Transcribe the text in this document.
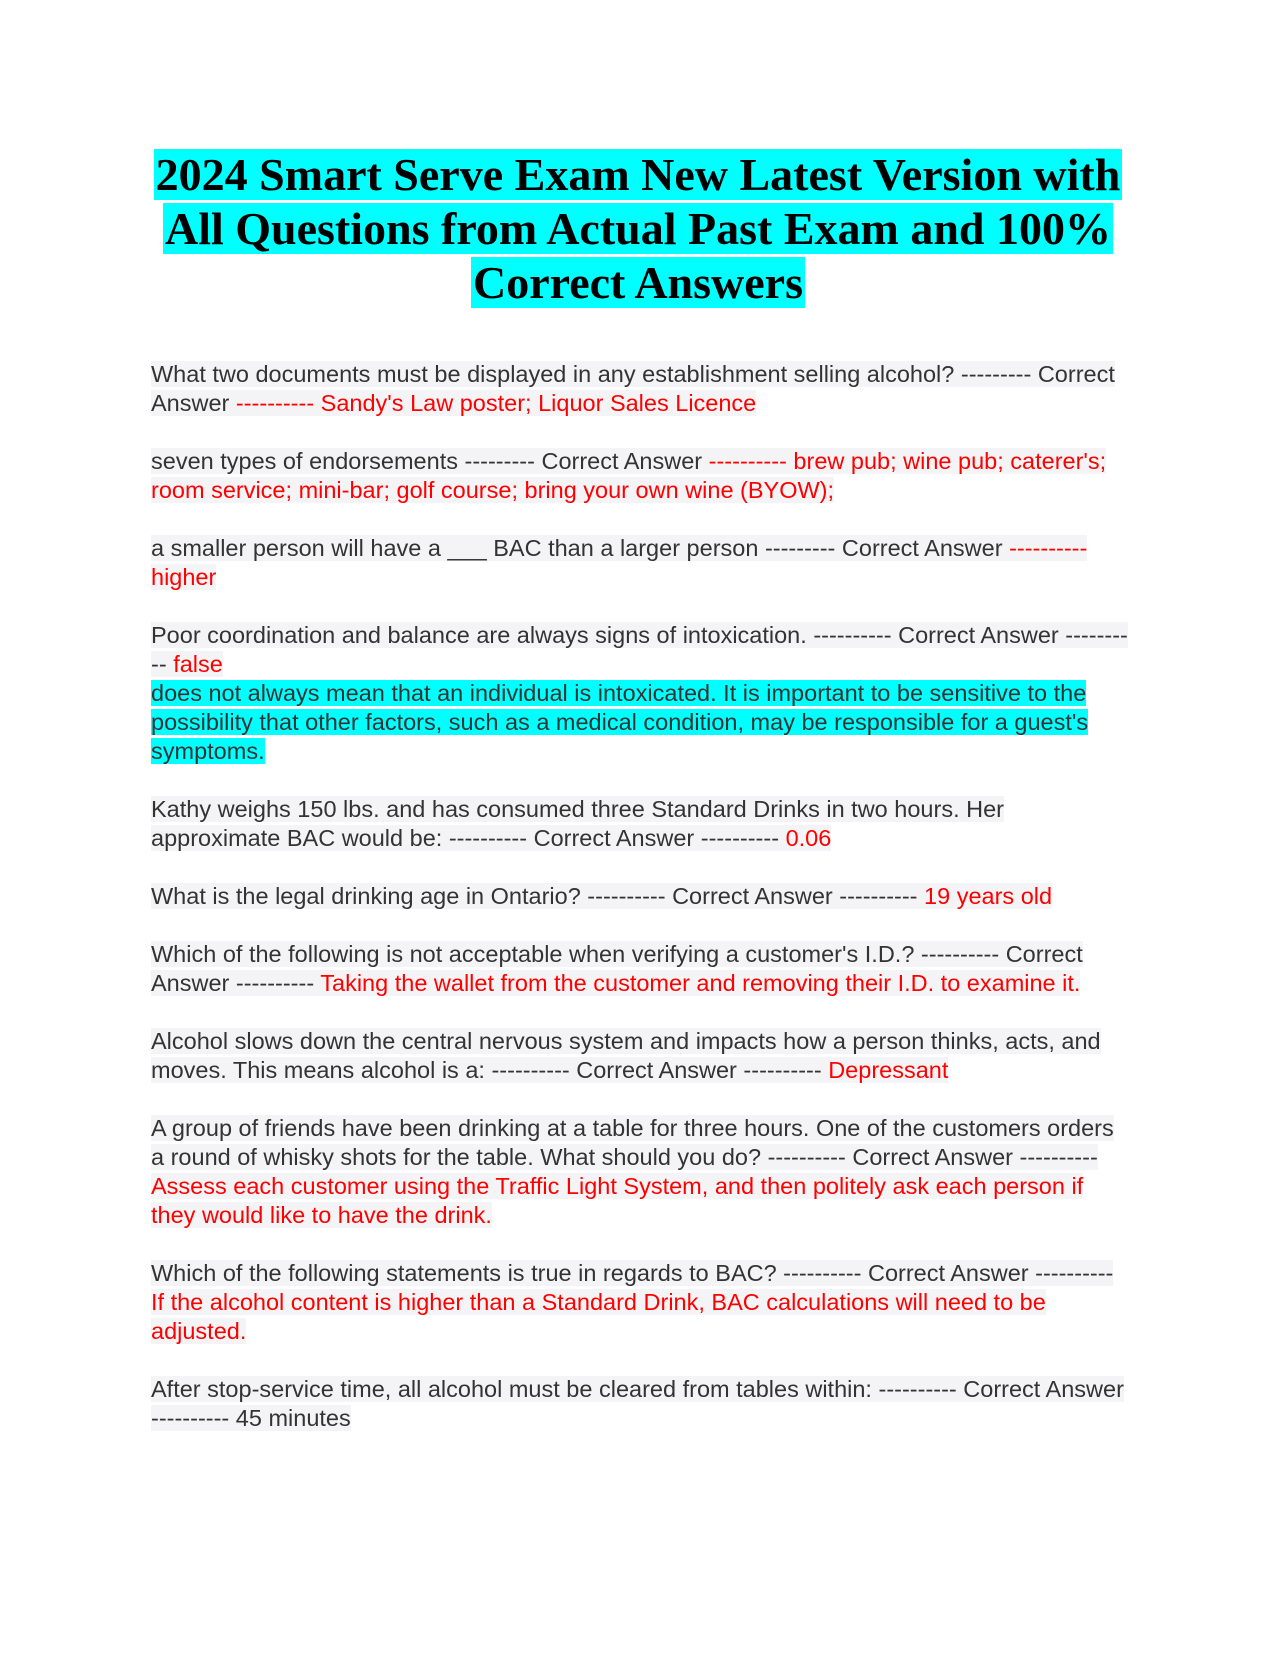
2024 Smart Serve Exam New Latest Version with All Questions from Actual Past Exam and 100% Correct Answers
What two documents must be displayed in any establishment selling alcohol? --------- Correct Answer ---------- Sandy's Law poster; Liquor Sales Licence
seven types of endorsements --------- Correct Answer ---------- brew pub; wine pub; caterer's; room service; mini-bar; golf course; bring your own wine (BYOW);
a smaller person will have a ___ BAC than a larger person --------- Correct Answer ---------- higher
Poor coordination and balance are always signs of intoxication. ---------- Correct Answer ---------- false
does not always mean that an individual is intoxicated. It is important to be sensitive to the possibility that other factors, such as a medical condition, may be responsible for a guest's symptoms.
Kathy weighs 150 lbs. and has consumed three Standard Drinks in two hours. Her approximate BAC would be: ---------- Correct Answer ---------- 0.06
What is the legal drinking age in Ontario? ---------- Correct Answer ---------- 19 years old
Which of the following is not acceptable when verifying a customer's I.D.? ---------- Correct Answer ---------- Taking the wallet from the customer and removing their I.D. to examine it.
Alcohol slows down the central nervous system and impacts how a person thinks, acts, and moves. This means alcohol is a: ---------- Correct Answer ---------- Depressant
A group of friends have been drinking at a table for three hours. One of the customers orders a round of whisky shots for the table. What should you do? ---------- Correct Answer ---------- Assess each customer using the Traffic Light System, and then politely ask each person if they would like to have the drink.
Which of the following statements is true in regards to BAC? ---------- Correct Answer ---------- If the alcohol content is higher than a Standard Drink, BAC calculations will need to be adjusted.
After stop-service time, all alcohol must be cleared from tables within: ---------- Correct Answer ---------- 45 minutes
